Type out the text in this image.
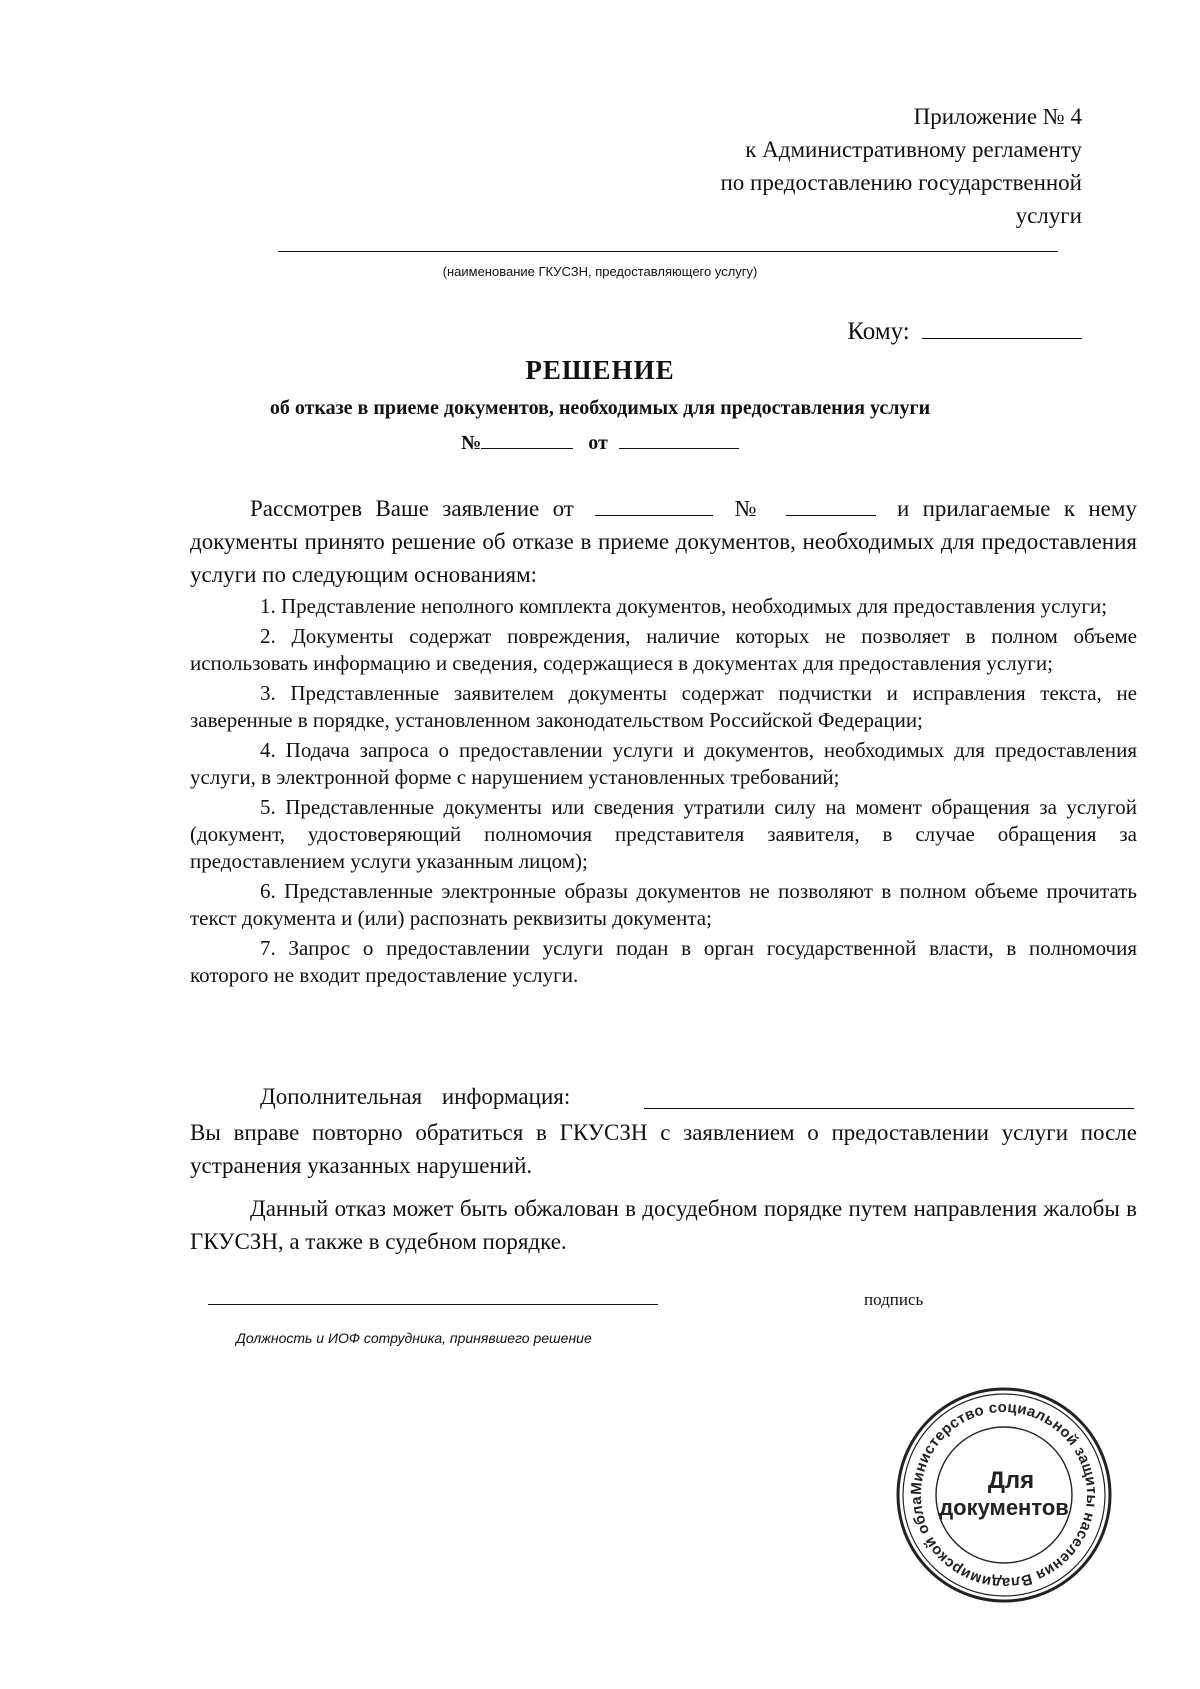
Приложение № 4
к Административному регламенту
по предоставлению государственной
услуги
(наименование ГКУСЗН, предоставляющего услугу)
Кому:
РЕШЕНИЕ
об отказе в приеме документов, необходимых для предоставления услуги
№	от

Рассмотрев Ваше заявление от	№	и прилагаемые к нему документы принято решение об отказе в приеме документов, необходимых для предоставления услуги по следующим основаниям:

1. Представление неполного комплекта документов, необходимых для предоставления услуги;

2. Документы содержат повреждения, наличие которых не позволяет в полном объеме использовать информацию и сведения, содержащиеся в документах для предоставления услуги;

3. Представленные заявителем документы содержат подчистки и исправления текста, не заверенные в порядке, установленном законодательством Российской Федерации;

4. Подача запроса о предоставлении услуги и документов, необходимых для предоставления услуги, в электронной форме с нарушением установленных требований;

5. Представленные документы или сведения утратили силу на момент обращения за услугой (документ, удостоверяющий полномочия представителя заявителя, в случае обращения за предоставлением услуги указанным лицом);

6. Представленные электронные образы документов не позволяют в полном объеме прочитать текст документа и (или) распознать реквизиты документа;

7. Запрос о предоставлении услуги подан в орган государственной власти, в полномочия которого не входит предоставление услуги.

Дополнительная информация:

Вы вправе повторно обратиться в ГКУСЗН с заявлением о предоставлении услуги после устранения указанных нарушений.

Данный отказ может быть обжалован в досудебном порядке путем направления жалобы в ГКУСЗН, а также в судебном порядке.

подпись
Должность и ИОФ сотрудника, принявшего решение
Министерство социальной защиты населения Владимирской обла
Для
документов
